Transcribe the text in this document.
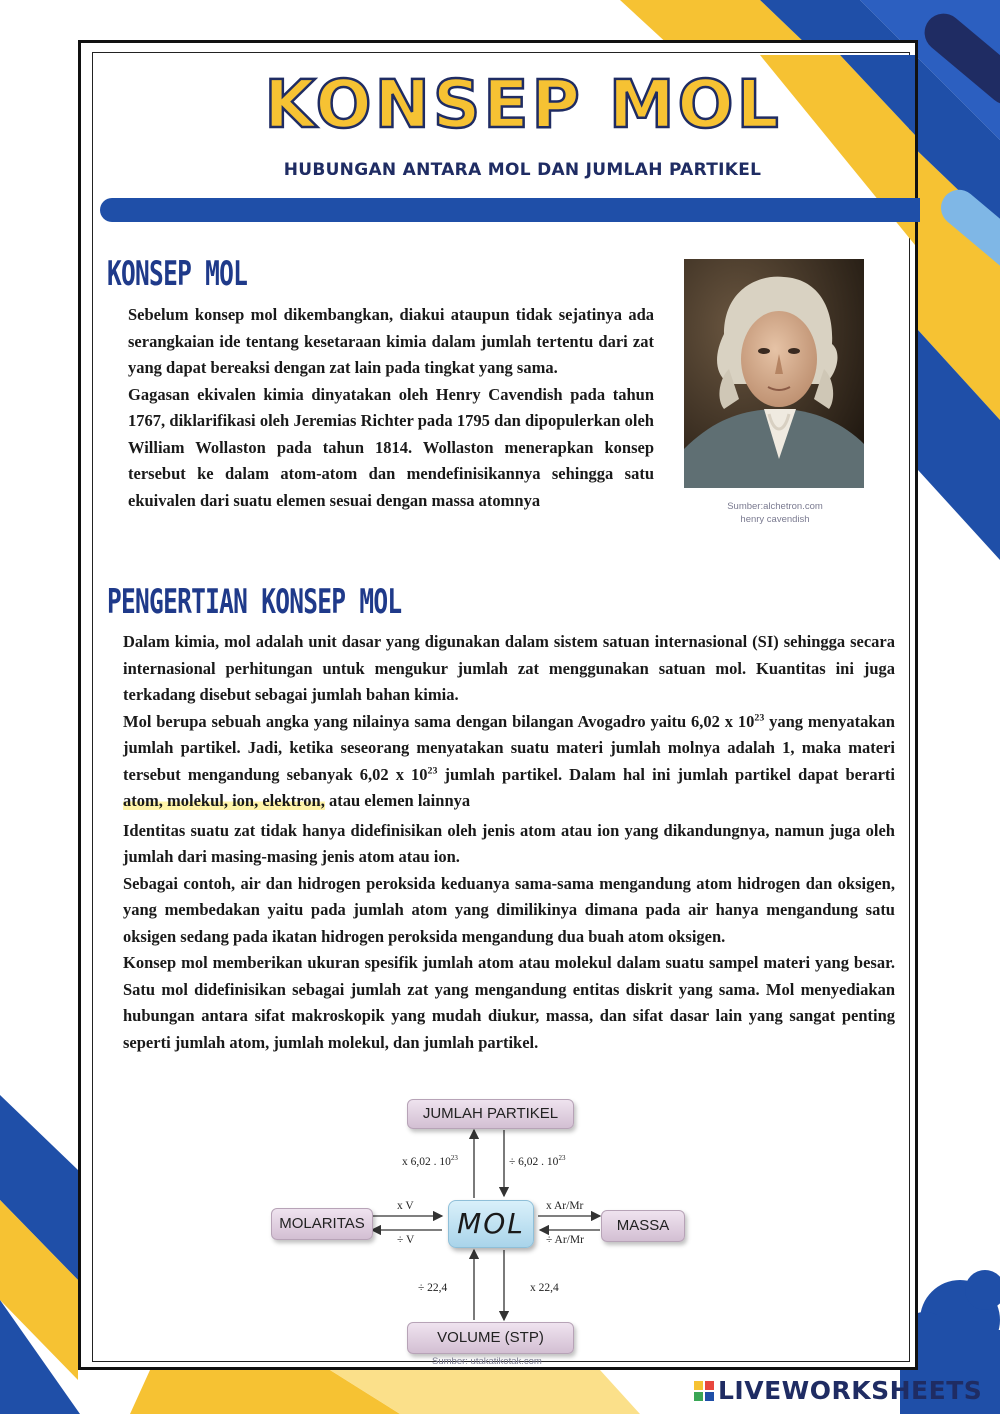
KONSEP MOL
HUBUNGAN ANTARA MOL DAN JUMLAH PARTIKEL
KONSEP MOL

Sebelum konsep mol dikembangkan, diakui ataupun tidak sejatinya ada serangkaian ide tentang kesetaraan kimia dalam jumlah tertentu dari zat yang dapat bereaksi dengan zat lain pada tingkat yang sama.

Gagasan ekivalen kimia dinyatakan oleh Henry Cavendish pada tahun 1767, diklarifikasi oleh Jeremias Richter pada 1795 dan dipopulerkan oleh William Wollaston pada tahun 1814. Wollaston menerapkan konsep tersebut ke dalam atom-atom dan mendefinisikannya sehingga satu ekuivalen dari suatu elemen sesuai dengan massa atomnya	Sumber:alchetron.com
henry cavendish
PENGERTIAN KONSEP MOL

Dalam kimia, mol adalah unit dasar yang digunakan dalam sistem satuan internasional (SI) sehingga secara internasional perhitungan untuk mengukur jumlah zat menggunakan satuan mol. Kuantitas ini juga terkadang disebut sebagai jumlah bahan kimia.

Mol berupa sebuah angka yang nilainya sama dengan bilangan Avogadro yaitu 6,02 x $10^{23}$ yang menyatakan jumlah partikel. Jadi, ketika seseorang menyatakan suatu materi jumlah molnya adalah 1, maka materi tersebut mengandung sebanyak 6,02 x $10^{23}$ jumlah partikel. Dalam hal ini jumlah partikel dapat berarti atom, molekul, ion, elektron, atau elemen lainnya

Identitas suatu zat tidak hanya didefinisikan oleh jenis atom atau ion yang dikandungnya, namun juga oleh jumlah dari masing-masing jenis atom atau ion.

Sebagai contoh, air dan hidrogen peroksida keduanya sama-sama mengandung atom hidrogen dan oksigen, yang membedakan yaitu pada jumlah atom yang dimilikinya dimana pada air hanya mengandung satu oksigen sedang pada ikatan hidrogen peroksida mengandung dua buah atom oksigen.

Konsep mol memberikan ukuran spesifik jumlah atom atau molekul dalam suatu sampel materi yang besar. Satu mol didefinisikan sebagai jumlah zat yang mengandung entitas diskrit yang sama. Mol menyediakan hubungan antara sifat makroskopik yang mudah diukur, massa, dan sifat dasar lain yang sangat penting seperti jumlah atom, jumlah molekul, dan jumlah partikel.

JUMLAH PARTIKEL
MOLARITAS	MASSA
VOLUME (STP)
MOL
x 6,02 . $10^{23}$	÷ 6,02 . $10^{23}$
x V
÷ V
x Ar/Mr
÷ Ar/Mr
÷ 22,4	x 22,4
Sumber: utakatikotak.com
LIVEWORKSHEETS
